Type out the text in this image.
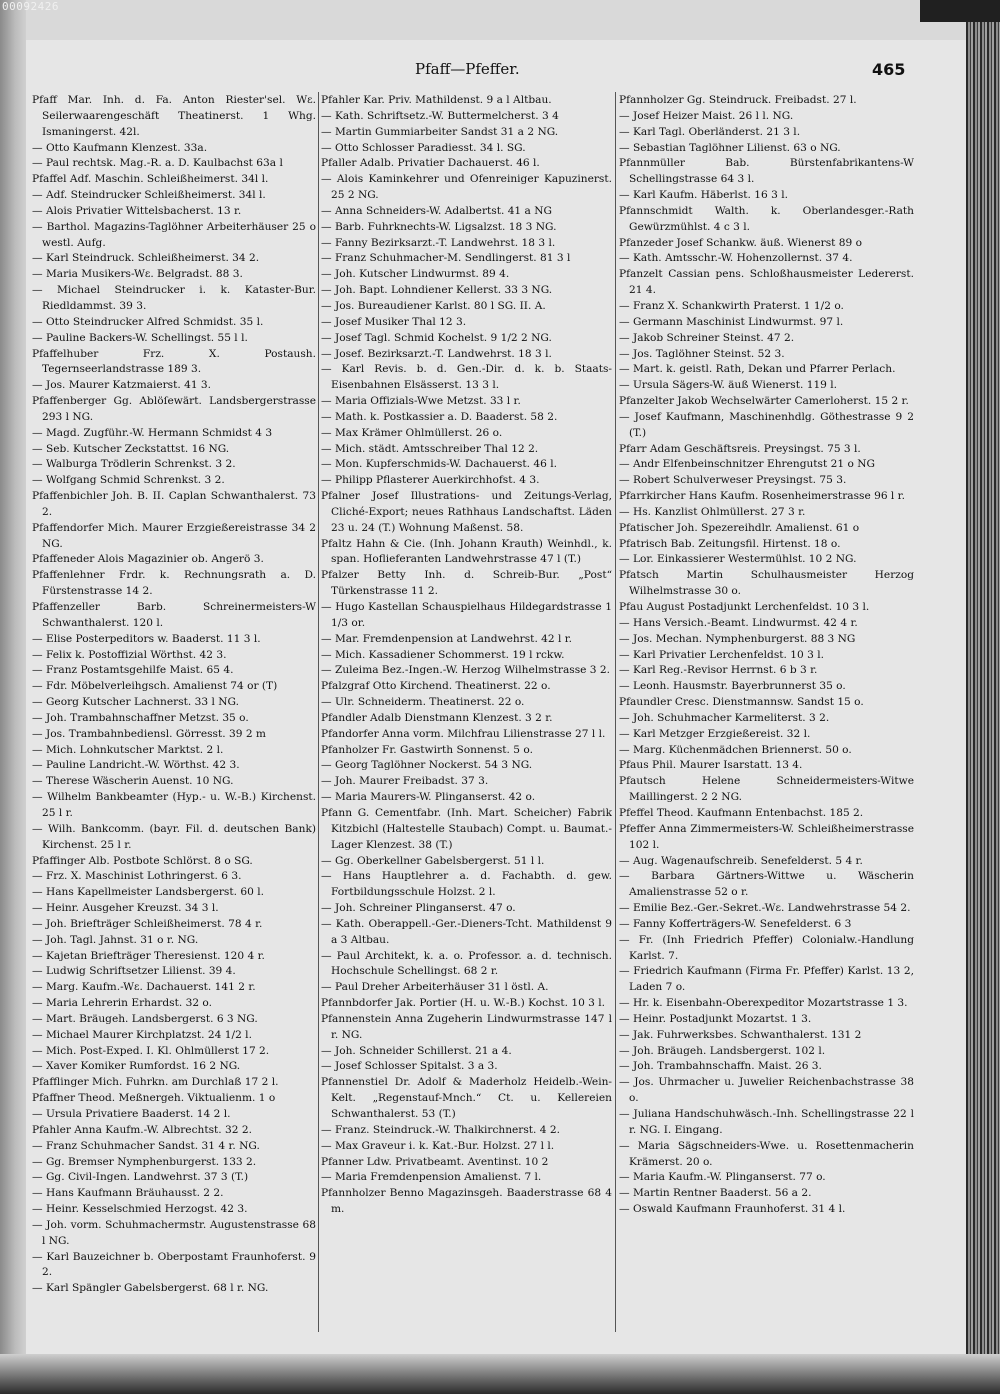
00092426
Pfaff—Pfeffer.	465

Pfaff Mar. Inh. d. Fa. Anton Riester'sel. Wε. Seilerwaarengeschäft Theatinerst. 1 Whg. Ismaningerst. 42l.

— Otto Kaufmann Klenzest. 33a.

— Paul rechtsk. Mag.-R. a. D. Kaulbachst 63a l

Pfaffel Adf. Maschin. Schleißheimerst. 34l l.

— Adf. Steindrucker Schleißheimerst. 34l l.

— Alois Privatier Wittelsbacherst. 13 r.

— Barthol. Magazins-Taglöhner Arbeiterhäuser 25 o westl. Aufg.

— Karl Steindruck. Schleißheimerst. 34 2.

— Maria Musikers-Wε. Belgradst. 88 3.

— Michael Steindrucker i. k. Kataster-Bur. Riedldammst. 39 3.

— Otto Steindrucker Alfred Schmidst. 35 l.

— Pauline Backers-W. Schellingst. 55 l l.

Pfaffelhuber Frz. X. Postaush. Tegernseerlandstrasse 189 3.

— Jos. Maurer Katzmaierst. 41 3.

Pfaffenberger Gg. Ablöſewärt. Landsbergerstrasse 293 l NG.

— Magd. Zugführ.-W. Hermann Schmidst 4 3

— Seb. Kutscher Zeckstattst. 16 NG.

— Walburga Trödlerin Schrenkst. 3 2.

— Wolfgang Schmid Schrenkst. 3 2.

Pfaffenbichler Joh. B. II. Caplan Schwanthalerst. 73 2.

Pfaffendorfer Mich. Maurer Erzgießereistrasse 34 2 NG.

Pfaffeneder Alois Magazinier ob. Angerö 3.

Pfaffenlehner Frdr. k. Rechnungsrath a. D. Fürstenstrasse 14 2.

Pfaffenzeller Barb. Schreinermeisters-W Schwanthalerst. 120 l.

— Elise Posterpeditors w. Baaderst. 11 3 l.

— Felix k. Postoffizial Wörthst. 42 3.

— Franz Postamtsgehilfe Maist. 65 4.

— Fdr. Möbelverleihgsch. Amalienst 74 or (T)

— Georg Kutscher Lachnerst. 33 l NG.

— Joh. Trambahnschaffner Metzst. 35 o.

— Jos. Trambahnbediensl. Görresst. 39 2 m

— Mich. Lohnkutscher Marktst. 2 l.

— Pauline Landricht.-W. Wörthst. 42 3.

— Therese Wäscherin Auenst. 10 NG.

— Wilhelm Bankbeamter (Hyp.- u. W.-B.) Kirchenst. 25 l r.

— Wilh. Bankcomm. (bayr. Fil. d. deutschen Bank) Kirchenst. 25 l r.

Pfaffinger Alb. Postbote Schlörst. 8 o SG.

— Frz. X. Maschinist Lothringerst. 6 3.

— Hans Kapellmeister Landsbergerst. 60 l.

— Heinr. Ausgeher Kreuzst. 34 3 l.

— Joh. Briefträger Schleißheimerst. 78 4 r.

— Joh. Tagl. Jahnst. 31 o r. NG.

— Kajetan Briefträger Theresienst. 120 4 r.

— Ludwig Schriftsetzer Lilienst. 39 4.

— Marg. Kaufm.-Wε. Dachauerst. 141 2 r.

— Maria Lehrerin Erhardst. 32 o.

— Mart. Bräugeh. Landsbergerst. 6 3 NG.

— Michael Maurer Kirchplatzst. 24 1/2 l.

— Mich. Post-Exped. I. Kl. Ohlmüllerst 17 2.

— Xaver Komiker Rumfordst. 16 2 NG.

Pfafflinger Mich. Fuhrkn. am Durchlaß 17 2 l.

Pfaffner Theod. Meßnergeh. Viktualienm. 1 o

— Ursula Privatiere Baaderst. 14 2 l.

Pfahler Anna Kaufm.-W. Albrechtst. 32 2.

— Franz Schuhmacher Sandst. 31 4 r. NG.

— Gg. Bremser Nymphenburgerst. 133 2.

— Gg. Civil-Ingen. Landwehrst. 37 3 (T.)

— Hans Kaufmann Bräuhausst. 2 2.

— Heinr. Kesselschmied Herzogst. 42 3.

— Joh. vorm. Schuhmachermstr. Augustenstrasse 68 l NG.

— Karl Bauzeichner b. Oberpostamt Fraunhoferst. 9 2.

— Karl Spängler Gabelsbergerst. 68 l r. NG.

Pfahler Kar. Priv. Mathildenst. 9 a l Altbau.

— Kath. Schriftsetz.-W. Buttermelcherst. 3 4

— Martin Gummiarbeiter Sandst 31 a 2 NG.

— Otto Schlosser Paradiesst. 34 l. SG.

Pfaller Adalb. Privatier Dachauerst. 46 l.

— Alois Kaminkehrer und Ofenreiniger Kapuzinerst. 25 2 NG.

— Anna Schneiders-W. Adalbertst. 41 a NG

— Barb. Fuhrknechts-W. Ligsalzst. 18 3 NG.

— Fanny Bezirksarzt.-T. Landwehrst. 18 3 l.

— Franz Schuhmacher-M. Sendlingerst. 81 3 l

— Joh. Kutscher Lindwurmst. 89 4.

— Joh. Bapt. Lohndiener Kellerst. 33 3 NG.

— Jos. Bureaudiener Karlst. 80 l SG. II. A.

— Josef Musiker Thal 12 3.

— Josef Tagl. Schmid Kochelst. 9 1/2 2 NG.

— Josef. Bezirksarzt.-T. Landwehrst. 18 3 l.

— Karl Revis. b. d. Gen.-Dir. d. k. b. Staats-Eisenbahnen Elsässerst. 13 3 l.

— Maria Offizials-Wwe Metzst. 33 l r.

— Math. k. Postkassier a. D. Baaderst. 58 2.

— Max Krämer Ohlmüllerst. 26 o.

— Mich. städt. Amtsschreiber Thal 12 2.

— Mon. Kupferschmids-W. Dachauerst. 46 l.

— Philipp Pflasterer Auerkirchhofst. 4 3.

Pfalner Josef Illustrations- und Zeitungs-Verlag, Cliché-Export; neues Rathhaus Landschaftst. Läden 23 u. 24 (T.) Wohnung Maßenst. 58.

Pfaltz Hahn & Cie. (Inh. Johann Krauth) Weinhdl., k. span. Hoflieferanten Landwehrstrasse 47 l (T.)

Pfalzer Betty Inh. d. Schreib-Bur. „Post“ Türkenstrasse 11 2.

— Hugo Kastellan Schauspielhaus Hildegardstrasse 1 1/3 or.

— Mar. Fremdenpension at Landwehrst. 42 l r.

— Mich. Kassadiener Schommerst. 19 l rckw.

— Zuleima Bez.-Ingen.-W. Herzog Wilhelmstrasse 3 2.

Pfalzgraf Otto Kirchend. Theatinerst. 22 o.

— Ulr. Schneiderm. Theatinerst. 22 o.

Pfandler Adalb Dienstmann Klenzest. 3 2 r.

Pfandorfer Anna vorm. Milchfrau Lilienstrasse 27 l l.

Pfanholzer Fr. Gastwirth Sonnenst. 5 o.

— Georg Taglöhner Nockerst. 54 3 NG.

— Joh. Maurer Freibadst. 37 3.

— Maria Maurers-W. Plinganserst. 42 o.

Pfann G. Cementfabr. (Inh. Mart. Scheicher) Fabrik Kitzbichl (Haltestelle Staubach) Compt. u. Baumat.-Lager Klenzest. 38 (T.)

— Gg. Oberkellner Gabelsbergerst. 51 l l.

— Hans Hauptlehrer a. d. Fachabth. d. gew. Fortbildungsschule Holzst. 2 l.

— Joh. Schreiner Plinganserst. 47 o.

— Kath. Oberappell.-Ger.-Dieners-Tcht. Mathildenst 9 a 3 Altbau.

— Paul Architekt, k. a. o. Professor. a. d. technisch. Hochschule Schellingst. 68 2 r.

— Paul Dreher Arbeiterhäuser 31 l östl. A.

Pfannbdorfer Jak. Portier (H. u. W.-B.) Kochst. 10 3 l.

Pfannenstein Anna Zugeherin Lindwurmstrasse 147 l r. NG.

— Joh. Schneider Schillerst. 21 a 4.

— Josef Schlosser Spitalst. 3 a 3.

Pfannenstiel Dr. Adolf & Maderholz Heidelb.-Wein-Kelt. „Regenstauf-Mnch.“ Ct. u. Kellereien Schwanthalerst. 53 (T.)

— Franz. Steindruck.-W. Thalkirchnerst. 4 2.

— Max Graveur i. k. Kat.-Bur. Holzst. 27 l l.

Pfanner Ldw. Privatbeamt. Aventinst. 10 2

— Maria Fremdenpension Amalienst. 7 l.

Pfannholzer Benno Magazinsgeh. Baaderstrasse 68 4 m.

Pfannholzer Gg. Steindruck. Freibadst. 27 l.

— Josef Heizer Maist. 26 l l. NG.

— Karl Tagl. Oberländerst. 21 3 l.

— Sebastian Taglöhner Lilienst. 63 o NG.

Pfannmüller Bab. Bürstenfabrikantens-W Schellingstrasse 64 3 l.

— Karl Kaufm. Häberlst. 16 3 l.

Pfannschmidt Walth. k. Oberlandesger.-Rath Gewürzmühlst. 4 c 3 l.

Pfanzeder Josef Schankw. äuß. Wienerst 89 o

— Kath. Amtsschr.-W. Hohenzollernst. 37 4.

Pfanzelt Cassian pens. Schloßhausmeister Ledererst. 21 4.

— Franz X. Schankwirth Praterst. 1 1/2 o.

— Germann Maschinist Lindwurmst. 97 l.

— Jakob Schreiner Steinst. 47 2.

— Jos. Taglöhner Steinst. 52 3.

— Mart. k. geistl. Rath, Dekan und Pfarrer Perlach.

— Ursula Sägers-W. äuß Wienerst. 119 l.

Pfanzelter Jakob Wechselwärter Camerloherst. 15 2 r.

— Josef Kaufmann, Maschinenhdlg. Göthestrasse 9 2 (T.)

Pfarr Adam Geschäftsreis. Preysingst. 75 3 l.

— Andr Elfenbeinschnitzer Ehrengutst 21 o NG

— Robert Schulverweser Preysingst. 75 3.

Pfarrkircher Hans Kaufm. Rosenheimerstrasse 96 l r.

— Hs. Kanzlist Ohlmüllerst. 27 3 r.

Pfatischer Joh. Spezereihdlr. Amalienst. 61 o

Pfatrisch Bab. Zeitungsfil. Hirtenst. 18 o.

— Lor. Einkassierer Westermühlst. 10 2 NG.

Pfatsch Martin Schulhausmeister Herzog Wilhelmstrasse 30 o.

Pfau August Postadjunkt Lerchenfeldst. 10 3 l.

— Hans Versich.-Beamt. Lindwurmst. 42 4 r.

— Jos. Mechan. Nymphenburgerst. 88 3 NG

— Karl Privatier Lerchenfeldst. 10 3 l.

— Karl Reg.-Revisor Herrnst. 6 b 3 r.

— Leonh. Hausmstr. Bayerbrunnerst 35 o.

Pfaundler Cresc. Dienstmannsw. Sandst 15 o.

— Joh. Schuhmacher Karmeliterst. 3 2.

— Karl Metzger Erzgießereist. 32 l.

— Marg. Küchenmädchen Briennerst. 50 o.

Pfaus Phil. Maurer Isarstatt. 13 4.

Pfautsch Helene Schneidermeisters-Witwe Maillingerst. 2 2 NG.

Pfeffel Theod. Kaufmann Entenbachst. 185 2.

Pfeffer Anna Zimmermeisters-W. Schleißheimerstrasse 102 l.

— Aug. Wagenaufschreib. Senefelderst. 5 4 r.

— Barbara Gärtners-Wittwe u. Wäscherin Amalienstrasse 52 o r.

— Emilie Bez.-Ger.-Sekret.-Wε. Landwehrstrasse 54 2.

— Fanny Kofferträgers-W. Senefelderst. 6 3

— Fr. (Inh Friedrich Pfeffer) Colonialw.-Handlung Karlst. 7.

— Friedrich Kaufmann (Firma Fr. Pfeffer) Karlst. 13 2, Laden 7 o.

— Hr. k. Eisenbahn-Oberexpeditor Mozartstrasse 1 3.

— Heinr. Postadjunkt Mozartst. 1 3.

— Jak. Fuhrwerksbes. Schwanthalerst. 131 2

— Joh. Bräugeh. Landsbergerst. 102 l.

— Joh. Trambahnschaffn. Maist. 26 3.

— Jos. Uhrmacher u. Juwelier Reichenbachstrasse 38 o.

— Juliana Handschuhwäsch.-Inh. Schellingstrasse 22 l r. NG. I. Eingang.

— Maria Sägschneiders-Wwe. u. Rosettenmacherin Krämerst. 20 o.

— Maria Kaufm.-W. Plinganserst. 77 o.

— Martin Rentner Baaderst. 56 a 2.

— Oswald Kaufmann Fraunhoferst. 31 4 l.
